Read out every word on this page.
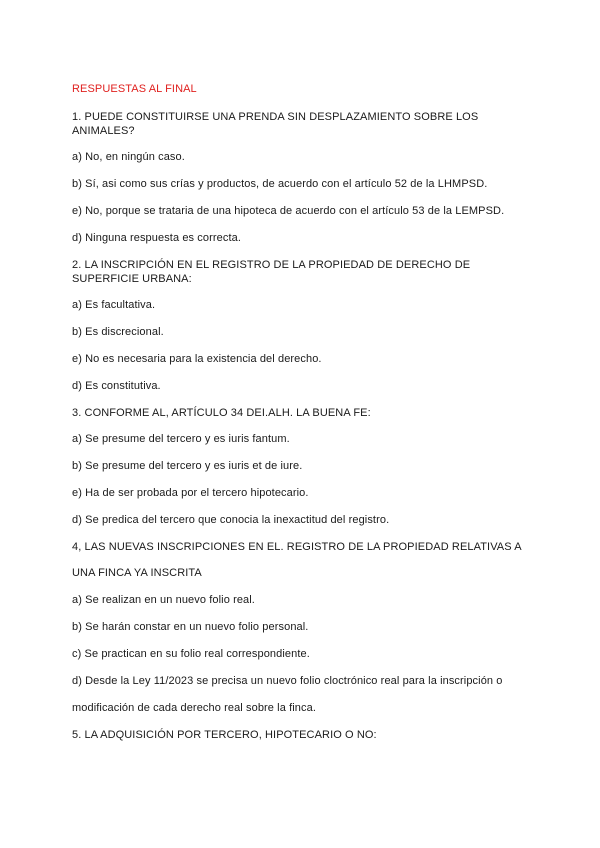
RESPUESTAS AL FINAL

1. PUEDE CONSTITUIRSE UNA PRENDA SIN DESPLAZAMIENTO SOBRE LOS ANIMALES?

a) No, en ningún caso.

b) Sí, asi como sus crías y productos, de acuerdo con el artículo 52 de la LHMPSD.

e) No, porque se trataria de una hipoteca de acuerdo con el artículo 53 de la LEMPSD.

d) Ninguna respuesta es correcta.

2. LA INSCRIPCIÓN EN EL REGISTRO DE LA PROPIEDAD DE DERECHO DE SUPERFICIE URBANA:

a) Es facultativa.

b) Es discrecional.

e) No es necesaria para la existencia del derecho.

d) Es constitutiva.

3. CONFORME AL, ARTÍCULO 34 DEI.ALH. LA BUENA FE:

a) Se presume del tercero y es iuris fantum.

b) Se presume del tercero y es iuris et de iure.

e) Ha de ser probada por el tercero hipotecario.

d) Se predica del tercero que conocia la inexactitud del registro.

4, LAS NUEVAS INSCRIPCIONES EN EL. REGISTRO DE LA PROPIEDAD RELATIVAS A

UNA FINCA YA INSCRITA

a) Se realizan en un nuevo folio real.

b) Se harán constar en un nuevo folio personal.

c) Se practican en su folio real correspondiente.

d) Desde la Ley 11/2023 se precisa un nuevo folio cloctrónico real para la inscripción o

modificación de cada derecho real sobre la finca.

5. LA ADQUISICIÓN POR TERCERO, HIPOTECARIO O NO:
